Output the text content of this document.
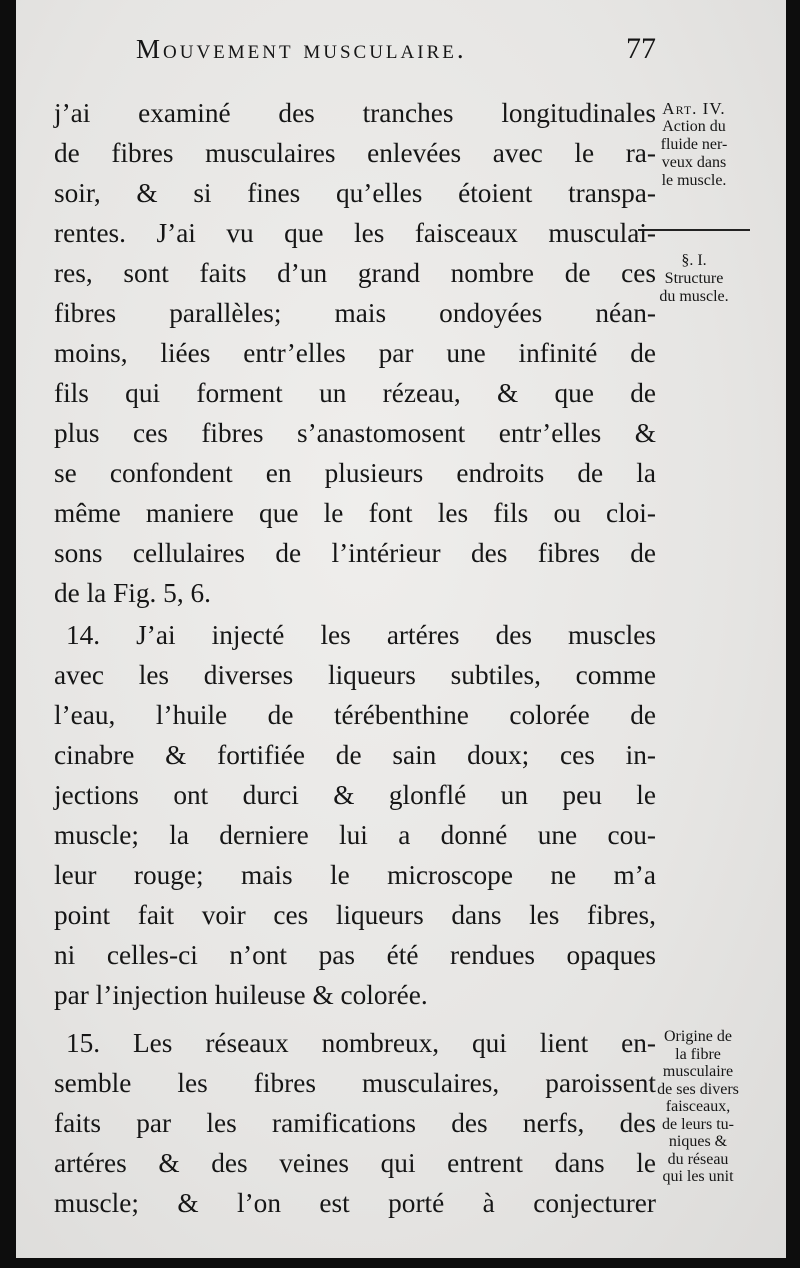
Mouvement musculaire.	77
j’ai examiné des tranches longitudinales
de fibres musculaires enlevées avec le ra-
soir, & si fines qu’elles étoient transpa-
rentes. J’ai vu que les faisceaux musculai-
res, sont faits d’un grand nombre de ces
fibres parallèles; mais ondoyées néan-
moins, liées entr’elles par une infinité de
fils qui forment un rézeau, & que de
plus ces fibres s’anastomosent entr’elles &
se confondent en plusieurs endroits de la
même maniere que le font les fils ou cloi-
sons cellulaires de l’intérieur des fibres de
de la Fig. 5, 6.
14. J’ai injecté les artéres des muscles
avec les diverses liqueurs subtiles, comme
l’eau, l’huile de térébenthine colorée de
cinabre & fortifiée de sain doux; ces in-
jections ont durci & glonflé un peu le
muscle; la derniere lui a donné une cou-
leur rouge; mais le microscope ne m’a
point fait voir ces liqueurs dans les fibres,
ni celles-ci n’ont pas été rendues opaques
par l’injection huileuse & colorée.
15. Les réseaux nombreux, qui lient en-
semble les fibres musculaires, paroissent
faits par les ramifications des nerfs, des
artéres & des veines qui entrent dans le
muscle; & l’on est porté à conjecturer
Art. IV.
Action du
fluide ner-
veux dans
le muscle.
§. I.
Structure
du muscle.
Origine de
la fibre
musculaire
de ses divers
faisceaux,
de leurs tu-
niques &
du réseau
qui les unit
